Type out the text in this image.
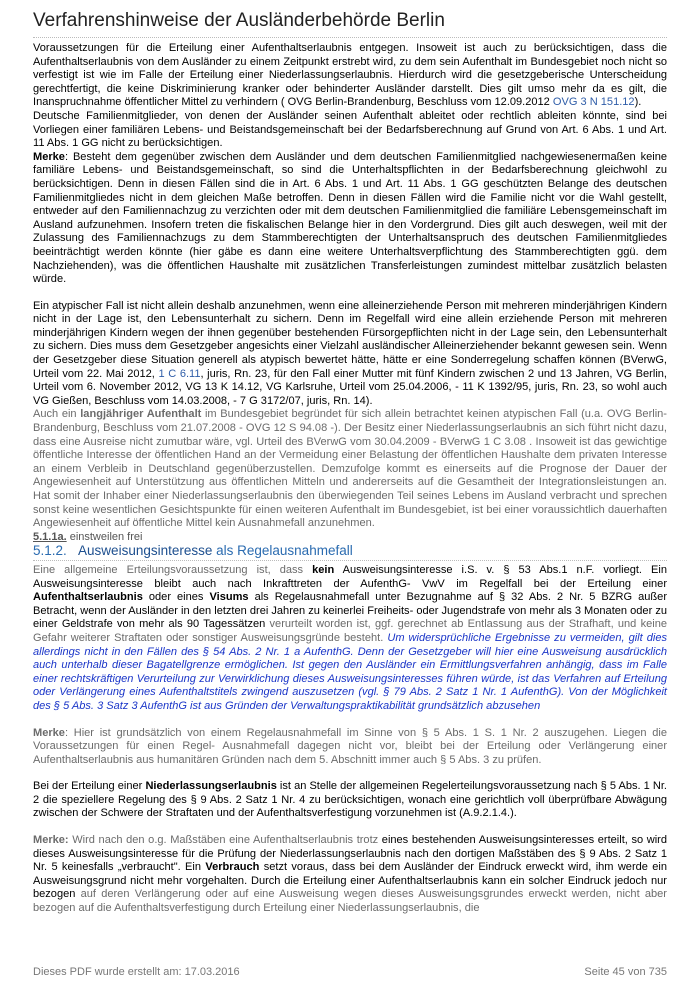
Verfahrenshinweise der Ausländerbehörde Berlin

Voraussetzungen für die Erteilung einer Aufenthaltserlaubnis entgegen. Insoweit ist auch zu berücksichtigen, dass die Aufenthaltserlaubnis von dem Ausländer zu einem Zeitpunkt erstrebt wird, zu dem sein Aufenthalt im Bundesgebiet noch nicht so verfestigt ist wie im Falle der Erteilung einer Niederlassungserlaubnis. Hierdurch wird die gesetzgeberische Unterscheidung gerechtfertigt, die keine Diskriminierung kranker oder behinderter Ausländer darstellt. Dies gilt umso mehr da es gilt, die Inanspruchnahme öffentlicher Mittel zu verhindern ( OVG Berlin-Brandenburg, Beschluss vom 12.09.2012 OVG 3 N 151.12).

Deutsche Familienmitglieder, von denen der Ausländer seinen Aufenthalt ableitet oder rechtlich ableiten könnte, sind bei Vorliegen einer familiären Lebens- und Beistandsgemeinschaft bei der Bedarfsberechnung auf Grund von Art. 6 Abs. 1 und Art. 11 Abs. 1 GG nicht zu berücksichtigen.

Merke: Besteht dem gegenüber zwischen dem Ausländer und dem deutschen Familienmitglied nachgewiesenermaßen keine familiäre Lebens- und Beistandsgemeinschaft, so sind die Unterhaltspflichten in der Bedarfsberechnung gleichwohl zu berücksichtigen. Denn in diesen Fällen sind die in Art. 6 Abs. 1 und Art. 11 Abs. 1 GG geschützten Belange des deutschen Familienmitgliedes nicht in dem gleichen Maße betroffen. Denn in diesen Fällen wird die Familie nicht vor die Wahl gestellt, entweder auf den Familiennachzug zu verzichten oder mit dem deutschen Familienmitglied die familiäre Lebensgemeinschaft im Ausland aufzunehmen. Insofern treten die fiskalischen Belange hier in den Vordergrund. Dies gilt auch deswegen, weil mit der Zulassung des Familiennachzugs zu dem Stammberechtigten der Unterhaltsanspruch des deutschen Familienmitgliedes beeinträchtigt werden könnte (hier gäbe es dann eine weitere Unterhaltsverpflichtung des Stammberechtigten ggü. dem Nachziehenden), was die öffentlichen Haushalte mit zusätzlichen Transferleistungen zumindest mittelbar zusätzlich belasten würde.

Ein atypischer Fall ist nicht allein deshalb anzunehmen, wenn eine alleinerziehende Person mit mehreren minderjährigen Kindern nicht in der Lage ist, den Lebensunterhalt zu sichern. Denn im Regelfall wird eine allein erziehende Person mit mehreren minderjährigen Kindern wegen der ihnen gegenüber bestehenden Fürsorgepflichten nicht in der Lage sein, den Lebensunterhalt zu sichern. Dies muss dem Gesetzgeber angesichts einer Vielzahl ausländischer Alleinerziehender bekannt gewesen sein. Wenn der Gesetzgeber diese Situation generell als atypisch bewertet hätte, hätte er eine Sonderregelung schaffen können (BVerwG, Urteil vom 22. Mai 2012, 1 C 6.11, juris, Rn. 23, für den Fall einer Mutter mit fünf Kindern zwischen 2 und 13 Jahren, VG Berlin, Urteil vom 6. November 2012, VG 13 K 14.12, VG Karlsruhe, Urteil vom 25.04.2006, - 11 K 1392/95, juris, Rn. 23, so wohl auch VG Gießen, Beschluss vom 14.03.2008, - 7 G 3172/07, juris, Rn. 14).

Auch ein langjähriger Aufenthalt im Bundesgebiet begründet für sich allein betrachtet keinen atypischen Fall (u.a. OVG Berlin-Brandenburg, Beschluss vom 21.07.2008 - OVG 12 S 94.08 -). Der Besitz einer Niederlassungserlaubnis an sich führt nicht dazu, dass eine Ausreise nicht zumutbar wäre, vgl. Urteil des BVerwG vom 30.04.2009 - BVerwG 1 C 3.08 . Insoweit ist das gewichtige öffentliche Interesse der öffentlichen Hand an der Vermeidung einer Belastung der öffentlichen Haushalte dem privaten Interesse an einem Verbleib in Deutschland gegenüberzustellen. Demzufolge kommt es einerseits auf die Prognose der Dauer der Angewiesenheit auf Unterstützung aus öffentlichen Mitteln und andererseits auf die Gesamtheit der Integrationsleistungen an. Hat somit der Inhaber einer Niederlassungserlaubnis den überwiegenden Teil seines Lebens im Ausland verbracht und sprechen sonst keine wesentlichen Gesichtspunkte für einen weiteren Aufenthalt im Bundesgebiet, ist bei einer voraussichtlich dauerhaften Angewiesenheit auf öffentliche Mittel kein Ausnahmefall anzunehmen.

5.1.1a. einstweilen frei

5.1.2. Ausweisungsinteresse als Regelausnahmefall

Eine allgemeine Erteilungsvoraussetzung ist, dass kein Ausweisungsinteresse i.S. v. § 53 Abs.1 n.F. vorliegt. Ein Ausweisungsinteresse bleibt auch nach Inkrafttreten der AufenthG- VwV im Regelfall bei der Erteilung einer Aufenthaltserlaubnis oder eines Visums als Regelausnahmefall unter Bezugnahme auf § 32 Abs. 2 Nr. 5 BZRG außer Betracht, wenn der Ausländer in den letzten drei Jahren zu keinerlei Freiheits- oder Jugendstrafe von mehr als 3 Monaten oder zu einer Geldstrafe von mehr als 90 Tagessätzen verurteilt worden ist, ggf. gerechnet ab Entlassung aus der Strafhaft, und keine Gefahr weiterer Straftaten oder sonstiger Ausweisungsgründe besteht. Um widersprüchliche Ergebnisse zu vermeiden, gilt dies allerdings nicht in den Fällen des § 54 Abs. 2 Nr. 1 a AufenthG. Denn der Gesetzgeber will hier eine Ausweisung ausdrücklich auch unterhalb dieser Bagatellgrenze ermöglichen. Ist gegen den Ausländer ein Ermittlungsverfahren anhängig, dass im Falle einer rechtskräftigen Verurteilung zur Verwirklichung dieses Ausweisungsinteresses führen würde, ist das Verfahren auf Erteilung oder Verlängerung eines Aufenthaltstitels zwingend auszusetzen (vgl. § 79 Abs. 2 Satz 1 Nr. 1 AufenthG). Von der Möglichkeit des § 5 Abs. 3 Satz 3 AufenthG ist aus Gründen der Verwaltungspraktikabilität grundsätzlich abzusehen

Merke: Hier ist grundsätzlich von einem Regelausnahmefall im Sinne von § 5 Abs. 1 S. 1 Nr. 2 auszugehen. Liegen die Voraussetzungen für einen Regel- Ausnahmefall dagegen nicht vor, bleibt bei der Erteilung oder Verlängerung einer Aufenthaltserlaubnis aus humanitären Gründen nach dem 5. Abschnitt immer auch § 5 Abs. 3 zu prüfen.

Bei der Erteilung einer Niederlassungserlaubnis ist an Stelle der allgemeinen Regelerteilungsvoraussetzung nach § 5 Abs. 1 Nr. 2 die speziellere Regelung des § 9 Abs. 2 Satz 1 Nr. 4 zu berücksichtigen, wonach eine gerichtlich voll überprüfbare Abwägung zwischen der Schwere der Straftaten und der Aufenthaltsverfestigung vorzunehmen ist (A.9.2.1.4.).

Merke: Wird nach den o.g. Maßstäben eine Aufenthaltserlaubnis trotz eines bestehenden Ausweisungsinteresses erteilt, so wird dieses Ausweisungsinteresse für die Prüfung der Niederlassungserlaubnis nach den dortigen Maßstäben des § 9 Abs. 2 Satz 1 Nr. 5 keinesfalls „verbraucht". Ein Verbrauch setzt voraus, dass bei dem Ausländer der Eindruck erweckt wird, ihm werde ein Ausweisungsgrund nicht mehr vorgehalten. Durch die Erteilung einer Aufenthaltserlaubnis kann ein solcher Eindruck jedoch nur bezogen auf deren Verlängerung oder auf eine Ausweisung wegen dieses Ausweisungsgrundes erweckt werden, nicht aber bezogen auf die Aufenthaltsverfestigung durch Erteilung einer Niederlassungserlaubnis, die

Dieses PDF wurde erstellt am: 17.03.2016	Seite 45 von 735
